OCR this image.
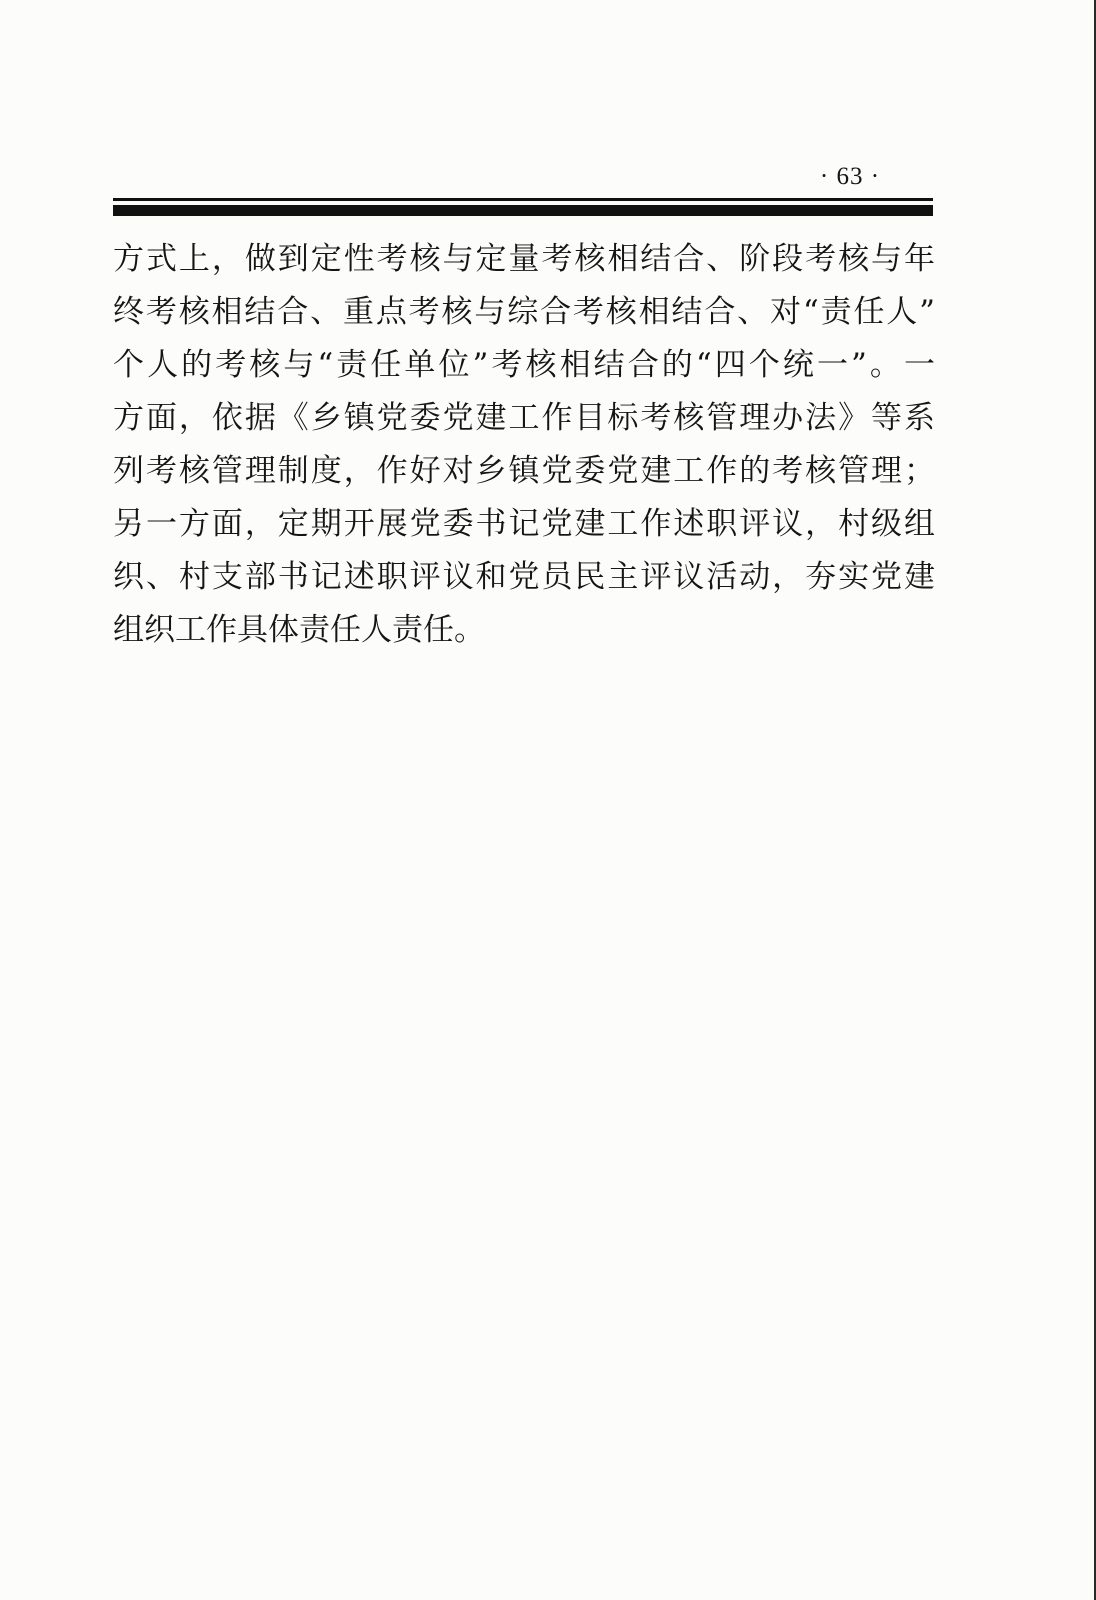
· 63 ·
方式上，做到定性考核与定量考核相结合、阶段考核与年
终考核相结合、重点考核与综合考核相结合、对“责任人”
个人的考核与“责任单位”考核相结合的“四个统一”。一
方面，依据《乡镇党委党建工作目标考核管理办法》等系
列考核管理制度，作好对乡镇党委党建工作的考核管理；
另一方面，定期开展党委书记党建工作述职评议，村级组
织、村支部书记述职评议和党员民主评议活动，夯实党建
组织工作具体责任人责任。
